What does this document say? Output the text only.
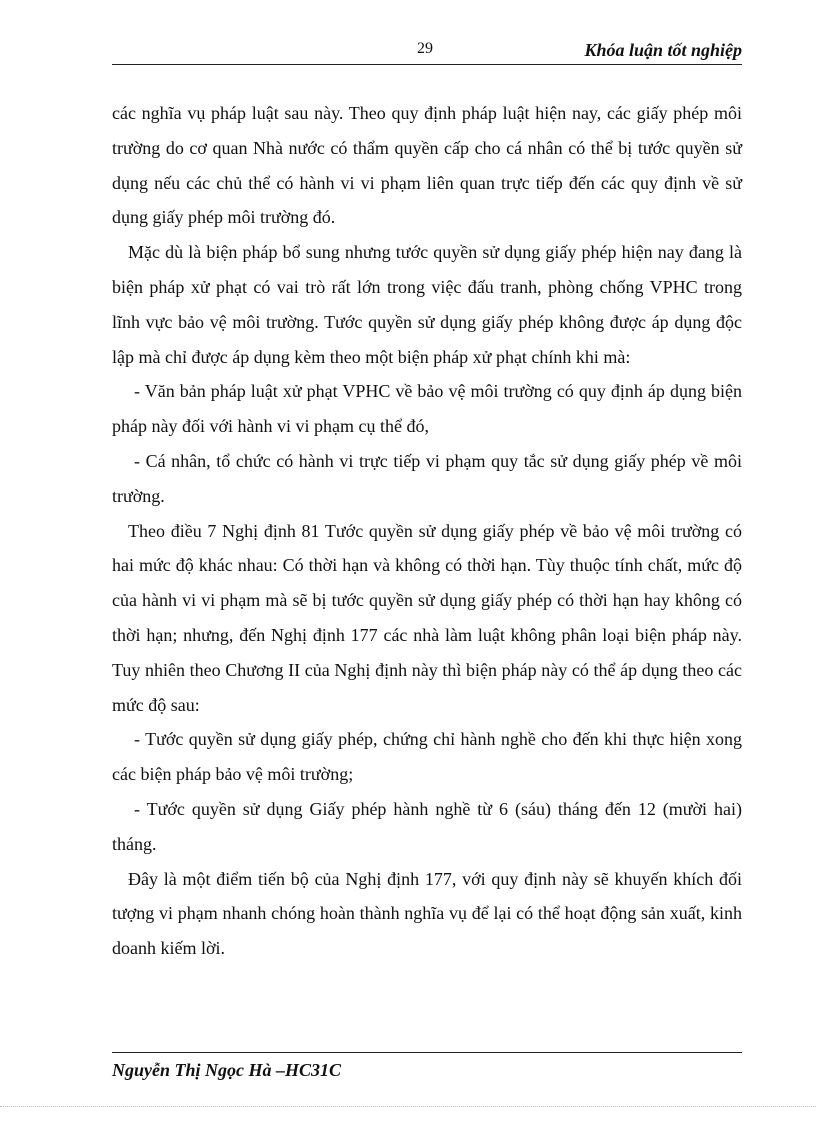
29	Khóa luận tốt nghiệp

các nghĩa vụ pháp luật sau này. Theo quy định pháp luật hiện nay, các giấy phép môi trường do cơ quan Nhà nước có thẩm quyền cấp cho cá nhân có thể bị tước quyền sử dụng nếu các chủ thể có hành vi vi phạm liên quan trực tiếp đến các quy định về sử dụng giấy phép môi trường đó.

Mặc dù là biện pháp bổ sung nhưng tước quyền sử dụng giấy phép hiện nay đang là biện pháp xử phạt có vai trò rất lớn trong việc đấu tranh, phòng chống VPHC trong lĩnh vực bảo vệ môi trường. Tước quyền sử dụng giấy phép không được áp dụng độc lập mà chỉ được áp dụng kèm theo một biện pháp xử phạt chính khi mà:

- Văn bản pháp luật xử phạt VPHC về bảo vệ môi trường có quy định áp dụng biện pháp này đối với hành vi vi phạm cụ thể đó,

- Cá nhân, tổ chức có hành vi trực tiếp vi phạm quy tắc sử dụng giấy phép về môi trường.

Theo điều 7 Nghị định 81 Tước quyền sử dụng giấy phép về bảo vệ môi trường có hai mức độ khác nhau: Có thời hạn và không có thời hạn. Tùy thuộc tính chất, mức độ của hành vi vi phạm mà sẽ bị tước quyền sử dụng giấy phép có thời hạn hay không có thời hạn; nhưng, đến Nghị định 177 các nhà làm luật không phân loại biện pháp này. Tuy nhiên theo Chương II của Nghị định này thì biện pháp này có thể áp dụng theo các mức độ sau:

- Tước quyền sử dụng giấy phép, chứng chỉ hành nghề cho đến khi thực hiện xong các biện pháp bảo vệ môi trường;

- Tước quyền sử dụng Giấy phép hành nghề từ 6 (sáu) tháng đến 12 (mười hai) tháng.

Đây là một điểm tiến bộ của Nghị định 177, với quy định này sẽ khuyến khích đối tượng vi phạm nhanh chóng hoàn thành nghĩa vụ để lại có thể hoạt động sản xuất, kinh doanh kiếm lời.

Nguyễn Thị Ngọc Hà –HC31C
